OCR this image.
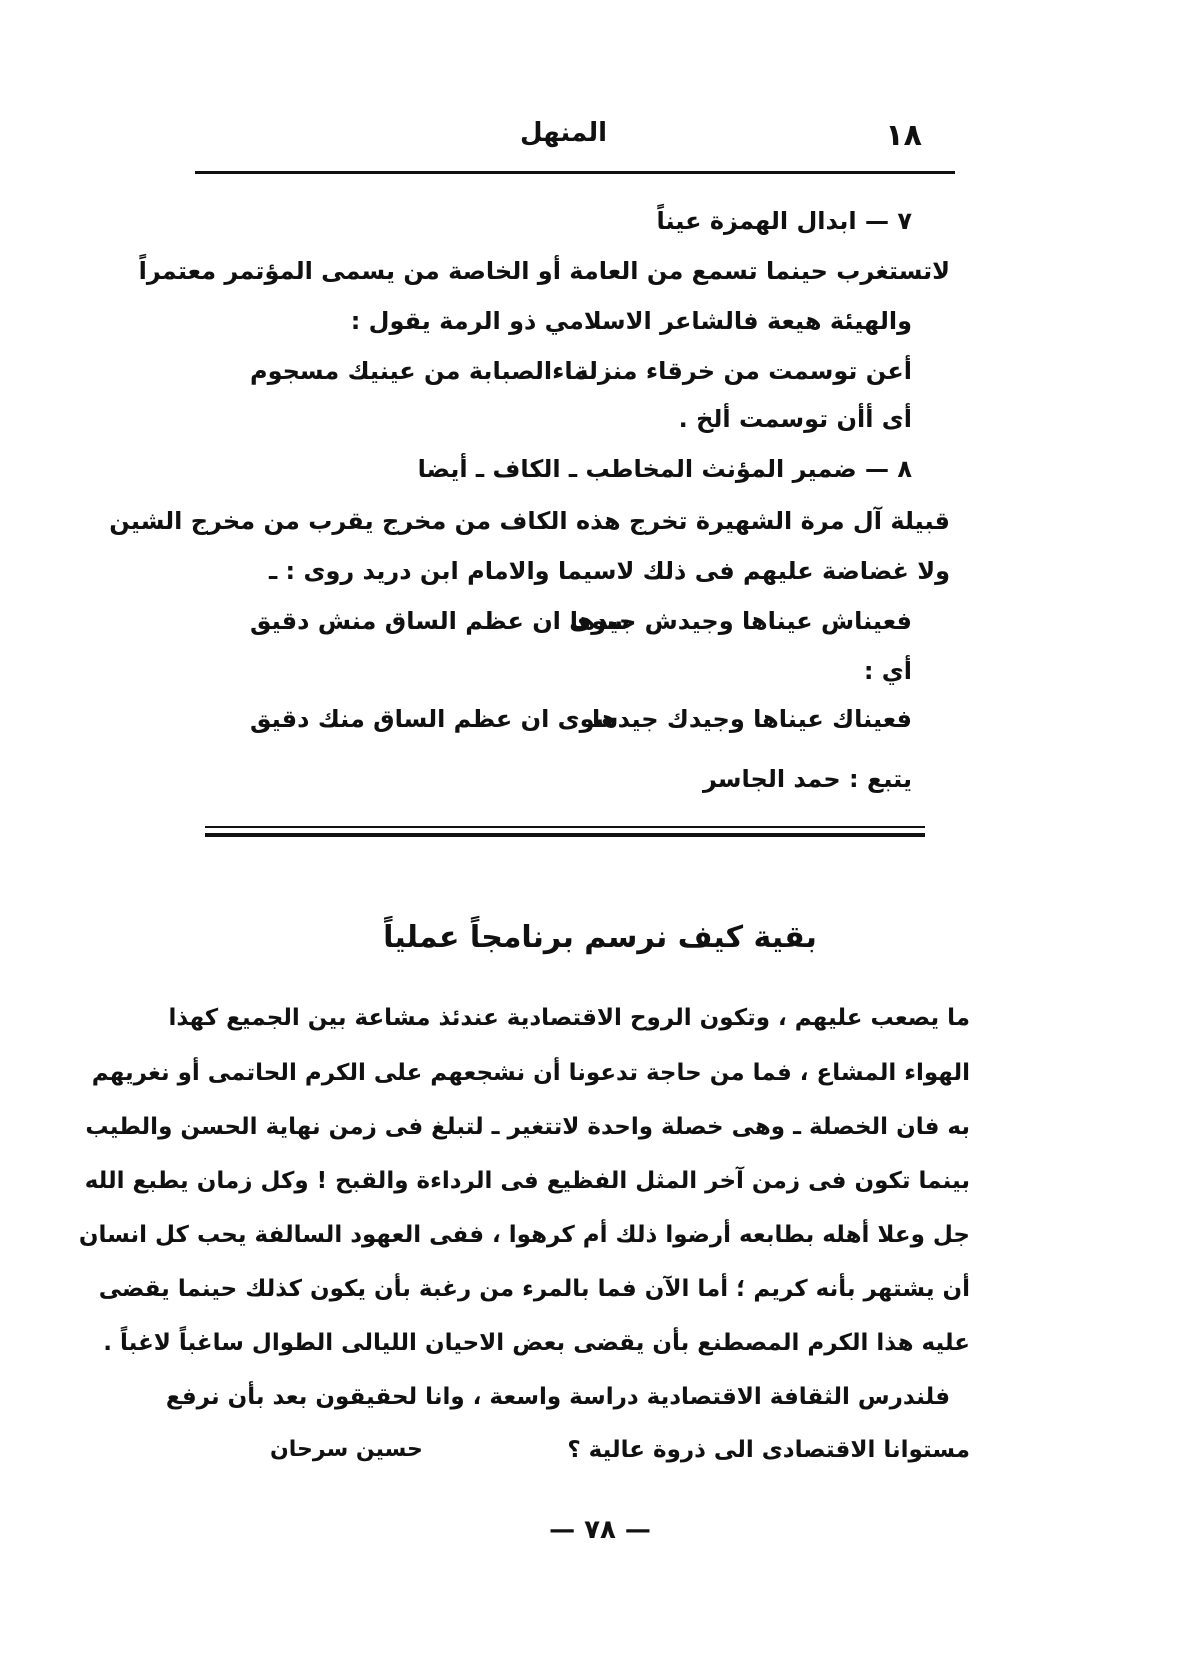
١٨
المنهل
٧ — ابدال الهمزة عيناً
لاتستغرب حينما تسمع من العامة أو الخاصة من يسمى المؤتمر معتمراً
والهيئة هيعة فالشاعر الاسلامي ذو الرمة يقول :
أعن توسمت من خرقاء منزلة
ماءالصبابة من عينيك مسجوم
أى أأن توسمت ألخ .
٨ — ضمير المؤنث المخاطب ـ الكاف ـ أيضا
قبيلة آل مرة الشهيرة تخرج هذه الكاف من مخرج يقرب من مخرج الشين
ولا غضاضة عليهم فى ذلك لاسيما والامام ابن دريد روى : ـ
فعيناش عيناها وجيدش جيدها
سوى ان عظم الساق منش دقيق
أي :
فعيناك عيناها وجيدك جيدها
سوى ان عظم الساق منك دقيق
يتبع : حمد الجاسر
بقية كيف نرسم برنامجاً عملياً
ما يصعب عليهم ، وتكون الروح الاقتصادية عندئذ مشاعة بين الجميع كهذا
الهواء المشاع ، فما من حاجة تدعونا أن نشجعهم على الكرم الحاتمى أو نغريهم
به فان الخصلة ـ وهى خصلة واحدة لاتتغير ـ لتبلغ فى زمن نهاية الحسن والطيب
بينما تكون فى زمن آخر المثل الفظيع فى الرداءة والقبح ! وكل زمان يطبع الله
جل وعلا أهله بطابعه أرضوا ذلك أم كرهوا ، ففى العهود السالفة يحب كل انسان
أن يشتهر بأنه كريم ؛ أما الآن فما بالمرء من رغبة بأن يكون كذلك حينما يقضى
عليه هذا الكرم المصطنع بأن يقضى بعض الاحيان الليالى الطوال ساغباً لاغباً .
فلندرس الثقافة الاقتصادية دراسة واسعة ، وانا لحقيقون بعد بأن نرفع
مستوانا الاقتصادى الى ذروة عالية ؟
حسين سرحان
— ٧٨ —
